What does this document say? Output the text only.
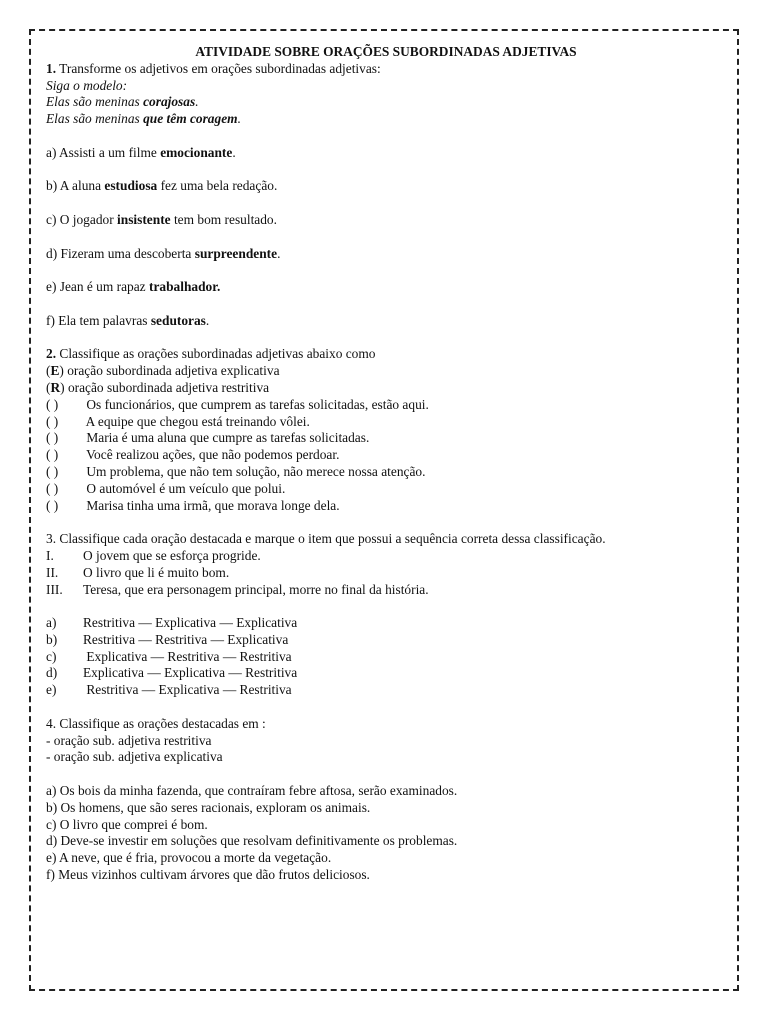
ATIVIDADE SOBRE ORAÇÕES SUBORDINADAS ADJETIVAS
1. Transforme os adjetivos em orações subordinadas adjetivas:
Siga o modelo:
Elas são meninas corajosas.
Elas são meninas que têm coragem.
a) Assisti a um filme emocionante.
b) A aluna estudiosa fez uma bela redação.
c) O jogador insistente tem bom resultado.
d) Fizeram uma descoberta surpreendente.
e) Jean é um rapaz trabalhador.
f) Ela tem palavras sedutoras.
2. Classifique as orações subordinadas adjetivas abaixo como
(E) oração subordinada adjetiva explicativa
(R) oração subordinada adjetiva restritiva
( ) Os funcionários, que cumprem as tarefas solicitadas, estão aqui.
( ) A equipe que chegou está treinando vôlei.
( ) Maria é uma aluna que cumpre as tarefas solicitadas.
( ) Você realizou ações, que não podemos perdoar.
( ) Um problema, que não tem solução, não merece nossa atenção.
( ) O automóvel é um veículo que polui.
( ) Marisa tinha uma irmã, que morava longe dela.
3. Classifique cada oração destacada e marque o item que possui a sequência correta dessa classificação.
I. O jovem que se esforça progride.
II. O livro que li é muito bom.
III. Teresa, que era personagem principal, morre no final da história.
a) Restritiva — Explicativa — Explicativa
b) Restritiva — Restritiva — Explicativa
c) Explicativa — Restritiva — Restritiva
d) Explicativa — Explicativa — Restritiva
e) Restritiva — Explicativa — Restritiva
4. Classifique as orações destacadas em :
- oração sub. adjetiva restritiva
- oração sub. adjetiva explicativa
a) Os bois da minha fazenda, que contraíram febre aftosa, serão examinados.
b) Os homens, que são seres racionais, exploram os animais.
c) O livro que comprei é bom.
d) Deve-se investir em soluções que resolvam definitivamente os problemas.
e) A neve, que é fria, provocou a morte da vegetação.
f) Meus vizinhos cultivam árvores que dão frutos deliciosos.
